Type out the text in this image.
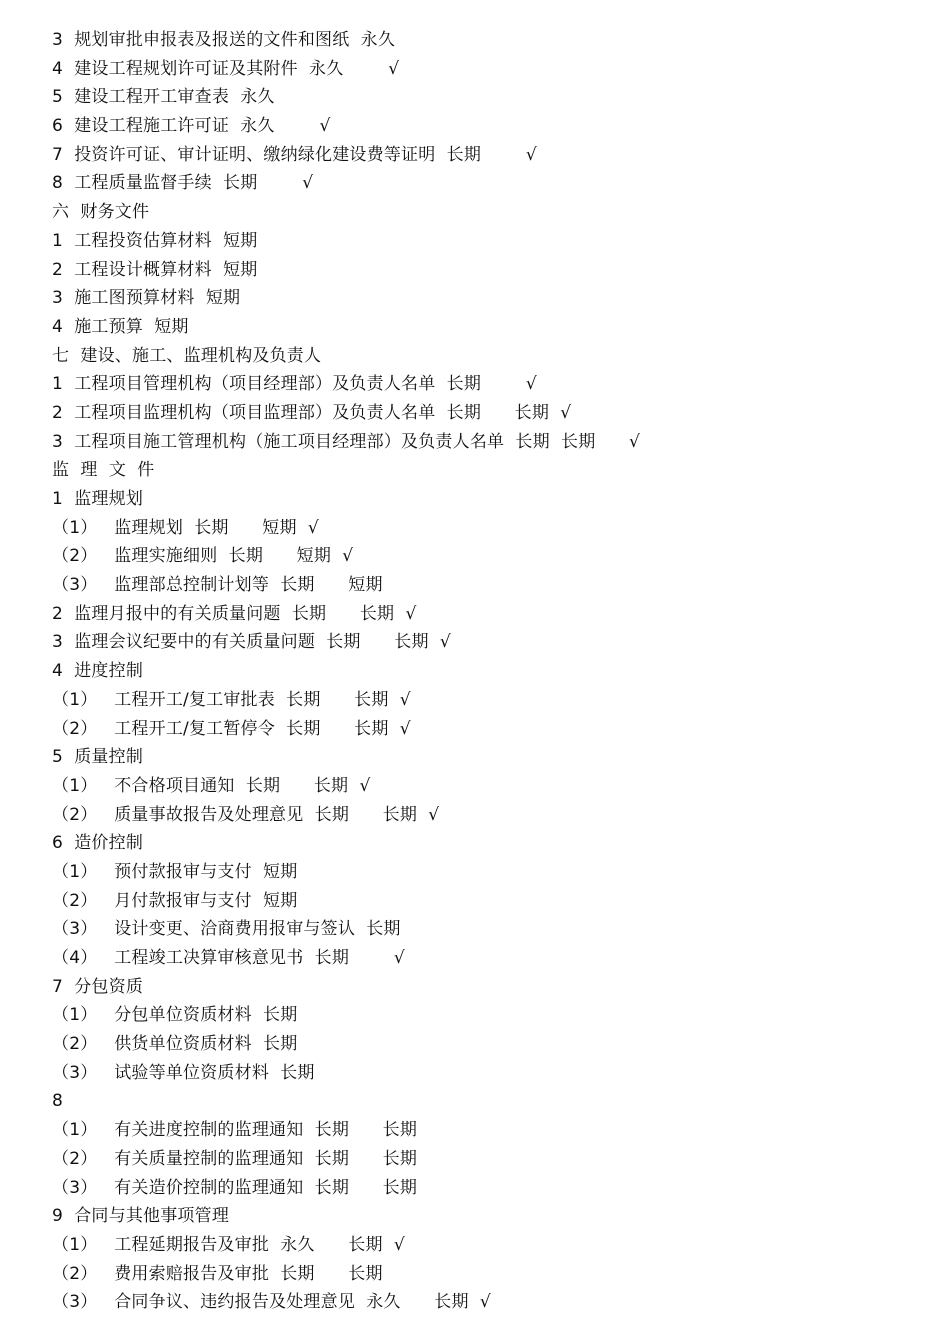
3  规划审批申报表及报送的文件和图纸  永久
4  建设工程规划许可证及其附件  永久        √
5  建设工程开工审查表  永久
6  建设工程施工许可证  永久        √
7  投资许可证、审计证明、缴纳绿化建设费等证明  长期        √
8  工程质量监督手续  长期        √
六  财务文件
1  工程投资估算材料  短期
2  工程设计概算材料  短期
3  施工图预算材料  短期
4  施工预算  短期
七  建设、施工、监理机构及负责人
1  工程项目管理机构（项目经理部）及负责人名单  长期        √
2  工程项目监理机构（项目监理部）及负责人名单  长期      长期  √
3  工程项目施工管理机构（施工项目经理部）及负责人名单  长期  长期      √
监  理  文  件
1  监理规划
（1）   监理规划  长期      短期  √
（2）   监理实施细则  长期      短期  √
（3）   监理部总控制计划等  长期      短期
2  监理月报中的有关质量问题  长期      长期  √
3  监理会议纪要中的有关质量问题  长期      长期  √
4  进度控制
（1）   工程开工/复工审批表  长期      长期  √
（2）   工程开工/复工暂停令  长期      长期  √
5  质量控制
（1）   不合格项目通知  长期      长期  √
（2）   质量事故报告及处理意见  长期      长期  √
6  造价控制
（1）   预付款报审与支付  短期
（2）   月付款报审与支付  短期
（3）   设计变更、洽商费用报审与签认  长期
（4）   工程竣工决算审核意见书  长期        √
7  分包资质
（1）   分包单位资质材料  长期
（2）   供货单位资质材料  长期
（3）   试验等单位资质材料  长期
8
（1）   有关进度控制的监理通知  长期      长期
（2）   有关质量控制的监理通知  长期      长期
（3）   有关造价控制的监理通知  长期      长期
9  合同与其他事项管理
（1）   工程延期报告及审批  永久      长期  √
（2）   费用索赔报告及审批  长期      长期
（3）   合同争议、违约报告及处理意见  永久      长期  √
